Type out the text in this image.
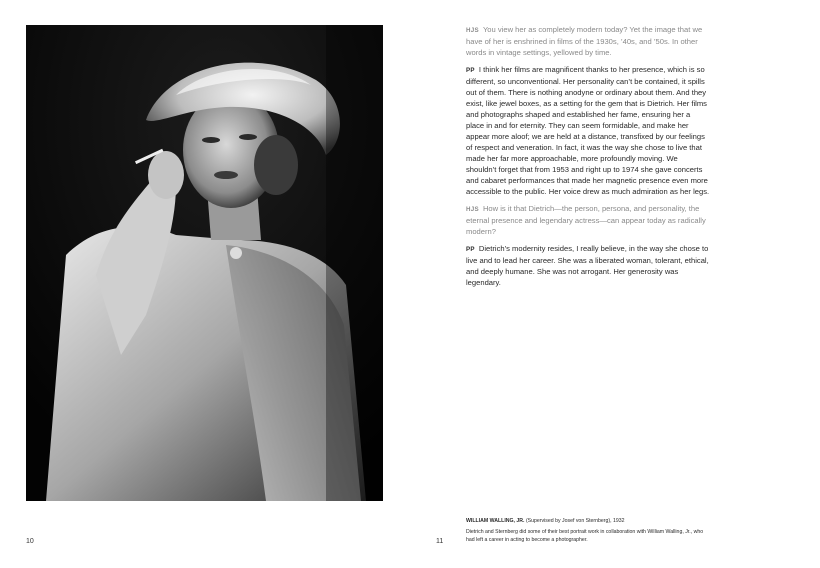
10	11

HJS You view her as completely modern today? Yet the image that we have of her is enshrined in films of the 1930s, ’40s, and ’50s. In other words in vintage settings, yellowed by time.

PP I think her films are magnificent thanks to her presence, which is so different, so unconventional. Her personality can’t be contained, it spills out of them. There is nothing anodyne or ordinary about them. And they exist, like jewel boxes, as a setting for the gem that is Dietrich. Her films and photographs shaped and established her fame, ensuring her a place in and for eternity. They can seem formidable, and make her appear more aloof; we are held at a distance, transfixed by our feelings of respect and veneration. In fact, it was the way she chose to live that made her far more approachable, more profoundly moving. We shouldn’t forget that from 1953 and right up to 1974 she gave concerts and cabaret performances that made her magnetic presence even more accessible to the public. Her voice drew as much admiration as her legs.

HJS How is it that Dietrich—the person, persona, and personality, the eternal presence and legendary actress—can appear today as radically modern?

PP Dietrich’s modernity resides, I really believe, in the way she chose to live and to lead her career. She was a liberated woman, tolerant, ethical, and deeply humane. She was not arrogant. Her generosity was legendary.

WILLIAM WALLING, JR. (Supervised by Josef von Sternberg), 1932
Dietrich and Sternberg did some of their best portrait work in collaboration with William Walling, Jr., who had left a career in acting to become a photographer.
